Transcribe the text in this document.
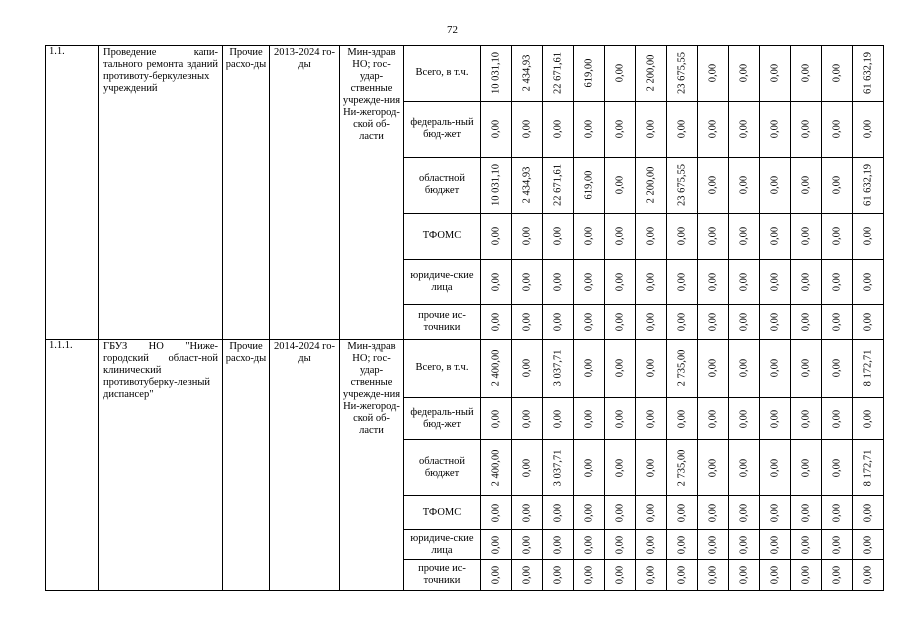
72
1.1.	Проведение капи-тального ремонта зданий противоту-беркулезных учреждений	Прочие расхо-ды	2013-2024 го-ды	Мин-здрав НО; гос-удар-ственные учрежде-ния Ни-жегород-ской об-ласти	Всего, в т.ч.	10 031,10	2 434,93	22 671,61	619,00	0,00	2 200,00	23 675,55	0,00	0,00	0,00	0,00	0,00	61 632,19

					федераль-ный бюд-жет	0,00	0,00	0,00	0,00	0,00	0,00	0,00	0,00	0,00	0,00	0,00	0,00	0,00

					областной бюджет	10 031,10	2 434,93	22 671,61	619,00	0,00	2 200,00	23 675,55	0,00	0,00	0,00	0,00	0,00	61 632,19

					ТФОМС	0,00	0,00	0,00	0,00	0,00	0,00	0,00	0,00	0,00	0,00	0,00	0,00	0,00

					юридиче-ские лица	0,00	0,00	0,00	0,00	0,00	0,00	0,00	0,00	0,00	0,00	0,00	0,00	0,00

					прочие ис-точники	0,00	0,00	0,00	0,00	0,00	0,00	0,00	0,00	0,00	0,00	0,00	0,00	0,00

1.1.1.	ГБУЗ НО "Ниже-городский област-ной клинический противотуберку-лезный диспансер"	Прочие расхо-ды	2014-2024 го-ды	Мин-здрав НО; гос-удар-ственные учрежде-ния Ни-жегород-ской об-ласти	Всего, в т.ч.	2 400,00	0,00	3 037,71	0,00	0,00	0,00	2 735,00	0,00	0,00	0,00	0,00	0,00	8 172,71

					федераль-ный бюд-жет	0,00	0,00	0,00	0,00	0,00	0,00	0,00	0,00	0,00	0,00	0,00	0,00	0,00

					областной бюджет	2 400,00	0,00	3 037,71	0,00	0,00	0,00	2 735,00	0,00	0,00	0,00	0,00	0,00	8 172,71

					ТФОМС	0,00	0,00	0,00	0,00	0,00	0,00	0,00	0,00	0,00	0,00	0,00	0,00	0,00

					юридиче-ские лица	0,00	0,00	0,00	0,00	0,00	0,00	0,00	0,00	0,00	0,00	0,00	0,00	0,00

					прочие ис-точники	0,00	0,00	0,00	0,00	0,00	0,00	0,00	0,00	0,00	0,00	0,00	0,00	0,00
